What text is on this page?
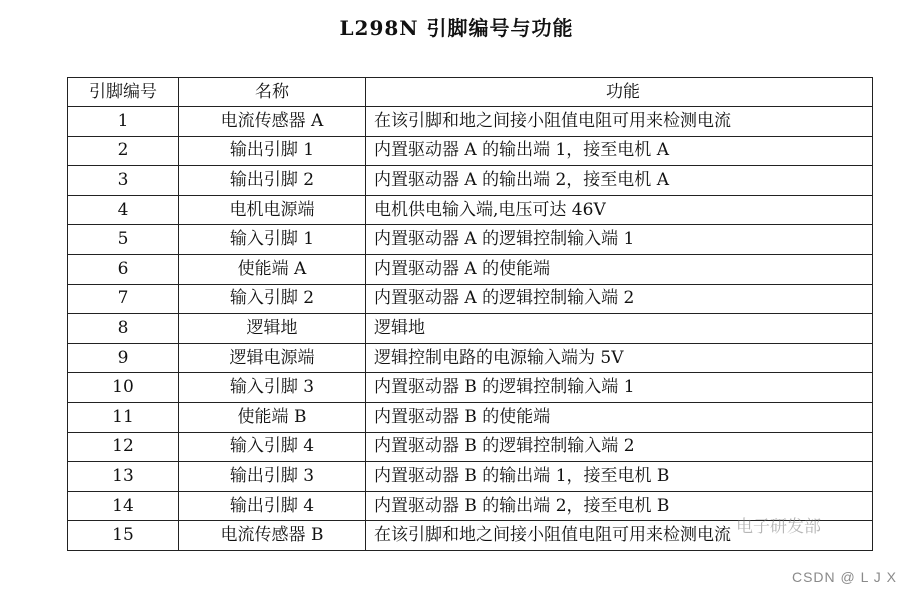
L298N 引脚编号与功能
引脚编号	名称	功能
1	电流传感器 A	在该引脚和地之间接小阻值电阻可用来检测电流
2	输出引脚 1	内置驱动器 A 的输出端 1，接至电机 A
3	输出引脚 2	内置驱动器 A 的输出端 2，接至电机 A
4	电机电源端	电机供电输入端,电压可达 46V
5	输入引脚 1	内置驱动器 A 的逻辑控制输入端 1
6	使能端 A	内置驱动器 A 的使能端
7	输入引脚 2	内置驱动器 A 的逻辑控制输入端 2
8	逻辑地	逻辑地
9	逻辑电源端	逻辑控制电路的电源输入端为 5V
10	输入引脚 3	内置驱动器 B 的逻辑控制输入端 1
11	使能端 B	内置驱动器 B 的使能端
12	输入引脚 4	内置驱动器 B 的逻辑控制输入端 2
13	输出引脚 3	内置驱动器 B 的输出端 1，接至电机 B
14	输出引脚 4	内置驱动器 B 的输出端 2，接至电机 B
15	电流传感器 B	在该引脚和地之间接小阻值电阻可用来检测电流 电子研发部
CSDN @ L J X
